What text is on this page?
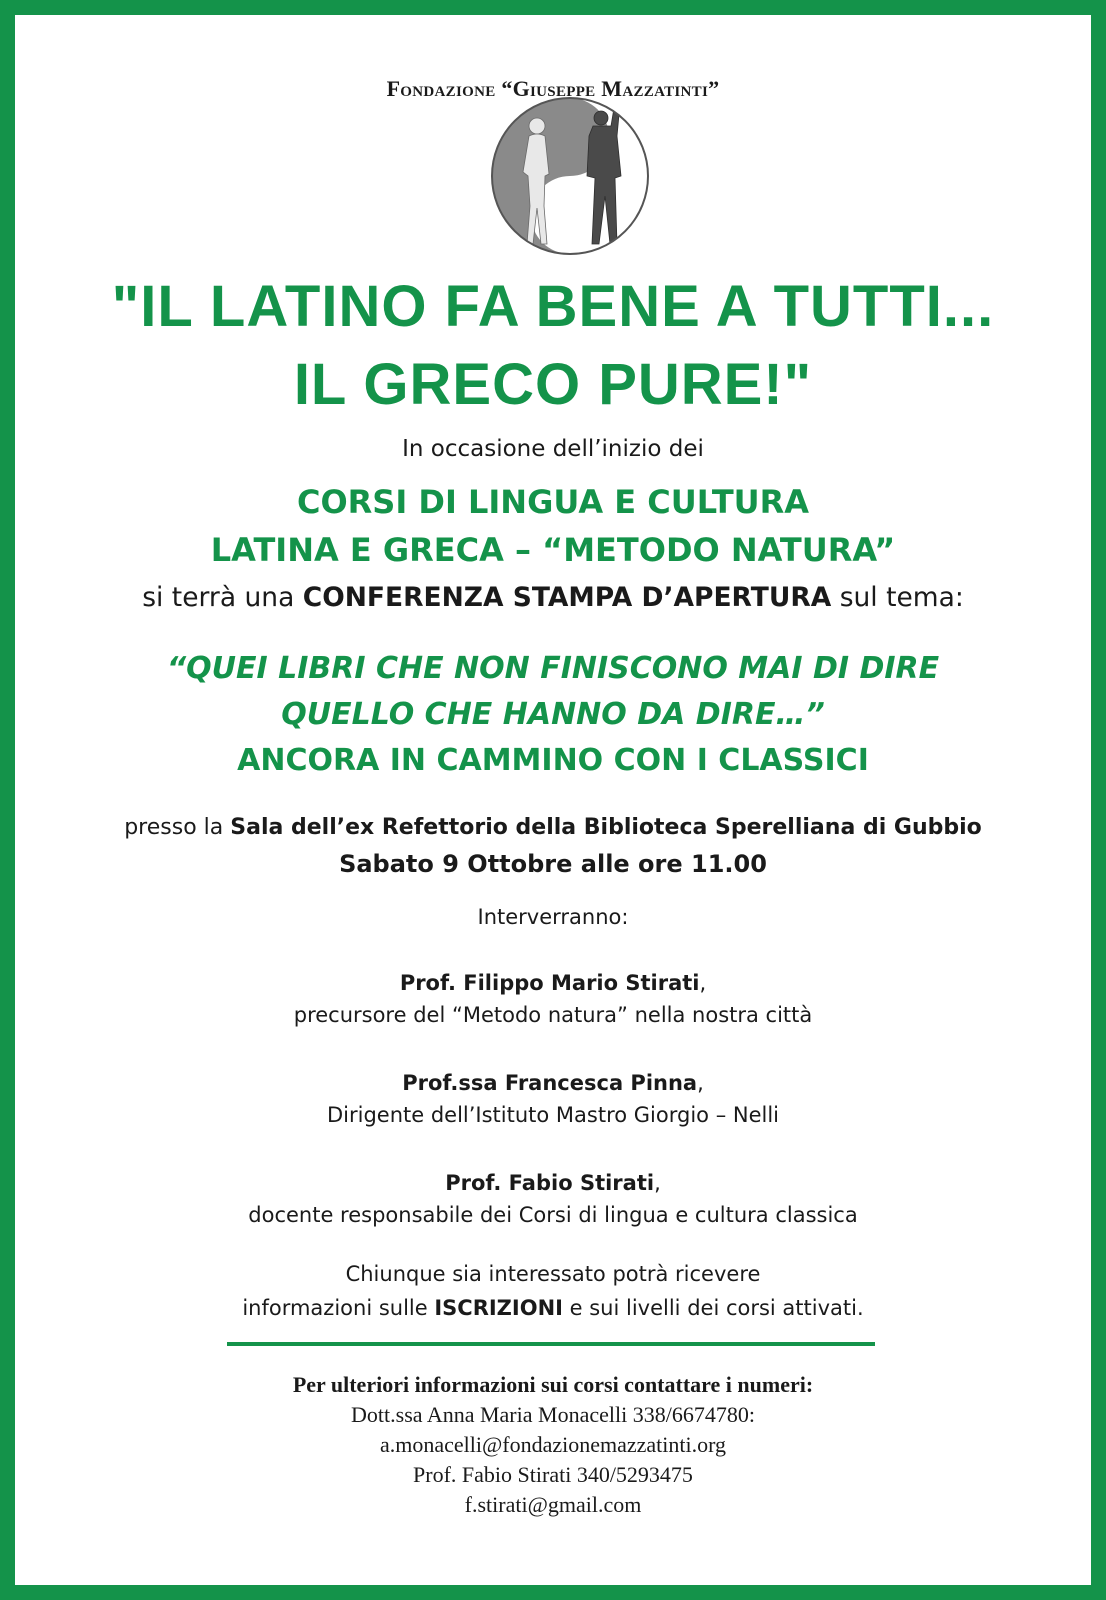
Fondazione “Giuseppe Mazzatinti”
"IL LATINO FA BENE A TUTTI...
IL GRECO PURE!"
In occasione dell’inizio dei
CORSI DI LINGUA E CULTURA
LATINA E GRECA – “METODO NATURA”
si terrà una CONFERENZA STAMPA D’APERTURA sul tema:
“QUEI LIBRI CHE NON FINISCONO MAI DI DIRE
QUELLO CHE HANNO DA DIRE…”
ANCORA IN CAMMINO CON I CLASSICI
presso la Sala dell’ex Refettorio della Biblioteca Sperelliana di Gubbio
Sabato 9 Ottobre alle ore 11.00
Interverranno:
Prof. Filippo Mario Stirati,
precursore del “Metodo natura” nella nostra città
Prof.ssa Francesca Pinna,
Dirigente dell’Istituto Mastro Giorgio – Nelli
Prof. Fabio Stirati,
docente responsabile dei Corsi di lingua e cultura classica
Chiunque sia interessato potrà ricevere
informazioni sulle ISCRIZIONI e sui livelli dei corsi attivati.
Per ulteriori informazioni sui corsi contattare i numeri:
Dott.ssa Anna Maria Monacelli 338/6674780:
a.monacelli@fondazionemazzatinti.org
Prof. Fabio Stirati 340/5293475
f.stirati@gmail.com
